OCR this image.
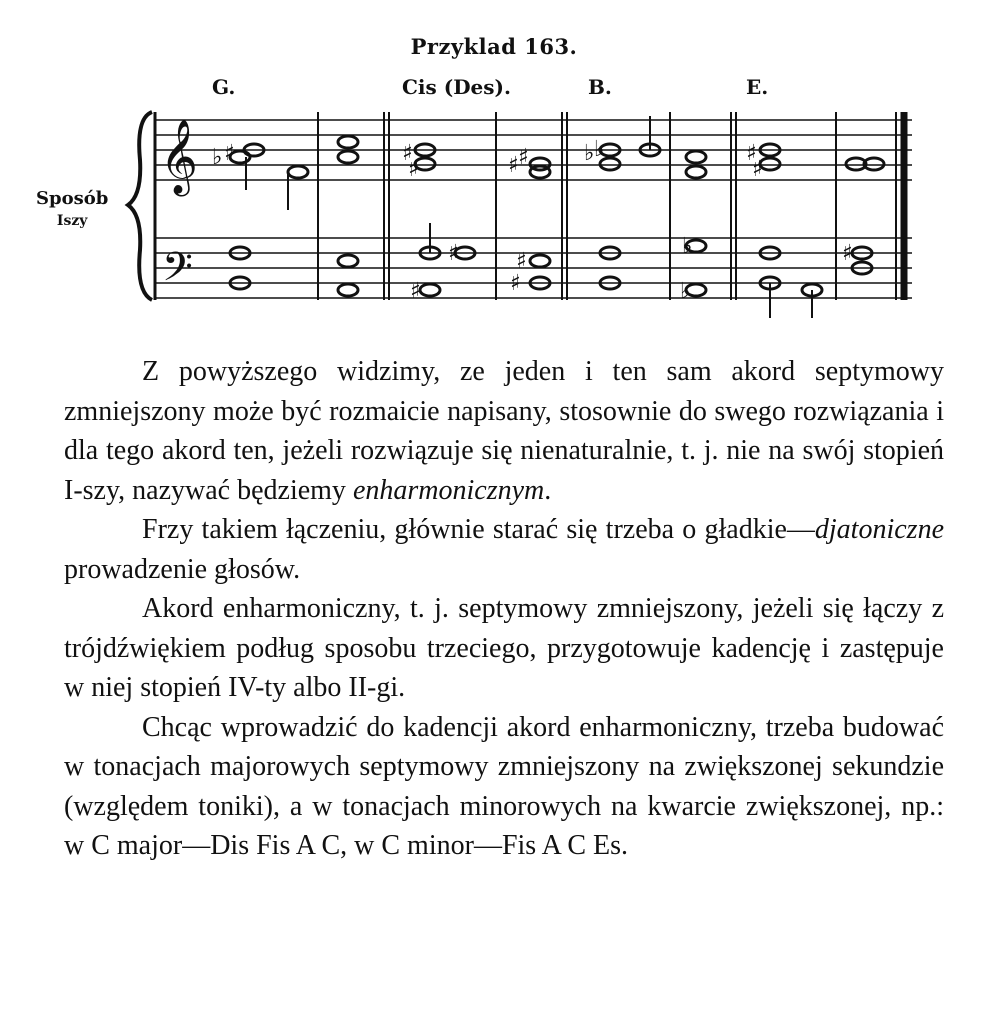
Przyklad 163.
G.	Cis (Des).	B.	E.
Sposób
Iszy
𝄞
𝄢
♭ ♯	♯
♯	♯ ♯	♭ ♭	♯
♯
♯
♯
♯
♯
♭
♭
♯

Z powyższego widzimy, ze jeden i ten sam akord septymowy zmniejszony może być rozmaicie napisany, stosownie do swego rozwiązania i dla tego akord ten, jeżeli rozwiązuje się nienaturalnie, t. j. nie na swój stopień I-szy, nazywać będziemy enharmonicznym.

Frzy takiem łączeniu, głównie starać się trzeba o gładkie—djatoniczne prowadzenie głosów.

Akord enharmoniczny, t. j. septymowy zmniejszony, jeżeli się łączy z trójdźwiękiem podług sposobu trzeciego, przygotowuje kadencję i zastępuje w niej stopień IV-ty albo II-gi.

Chcąc wprowadzić do kadencji akord enharmoniczny, trzeba budować w tonacjach majorowych septymowy zmniejszony na zwiększonej sekundzie (względem toniki), a w tonacjach minorowych na kwarcie zwiększonej, np.: w C major—Dis Fis A C, w C minor—Fis A C Es.
